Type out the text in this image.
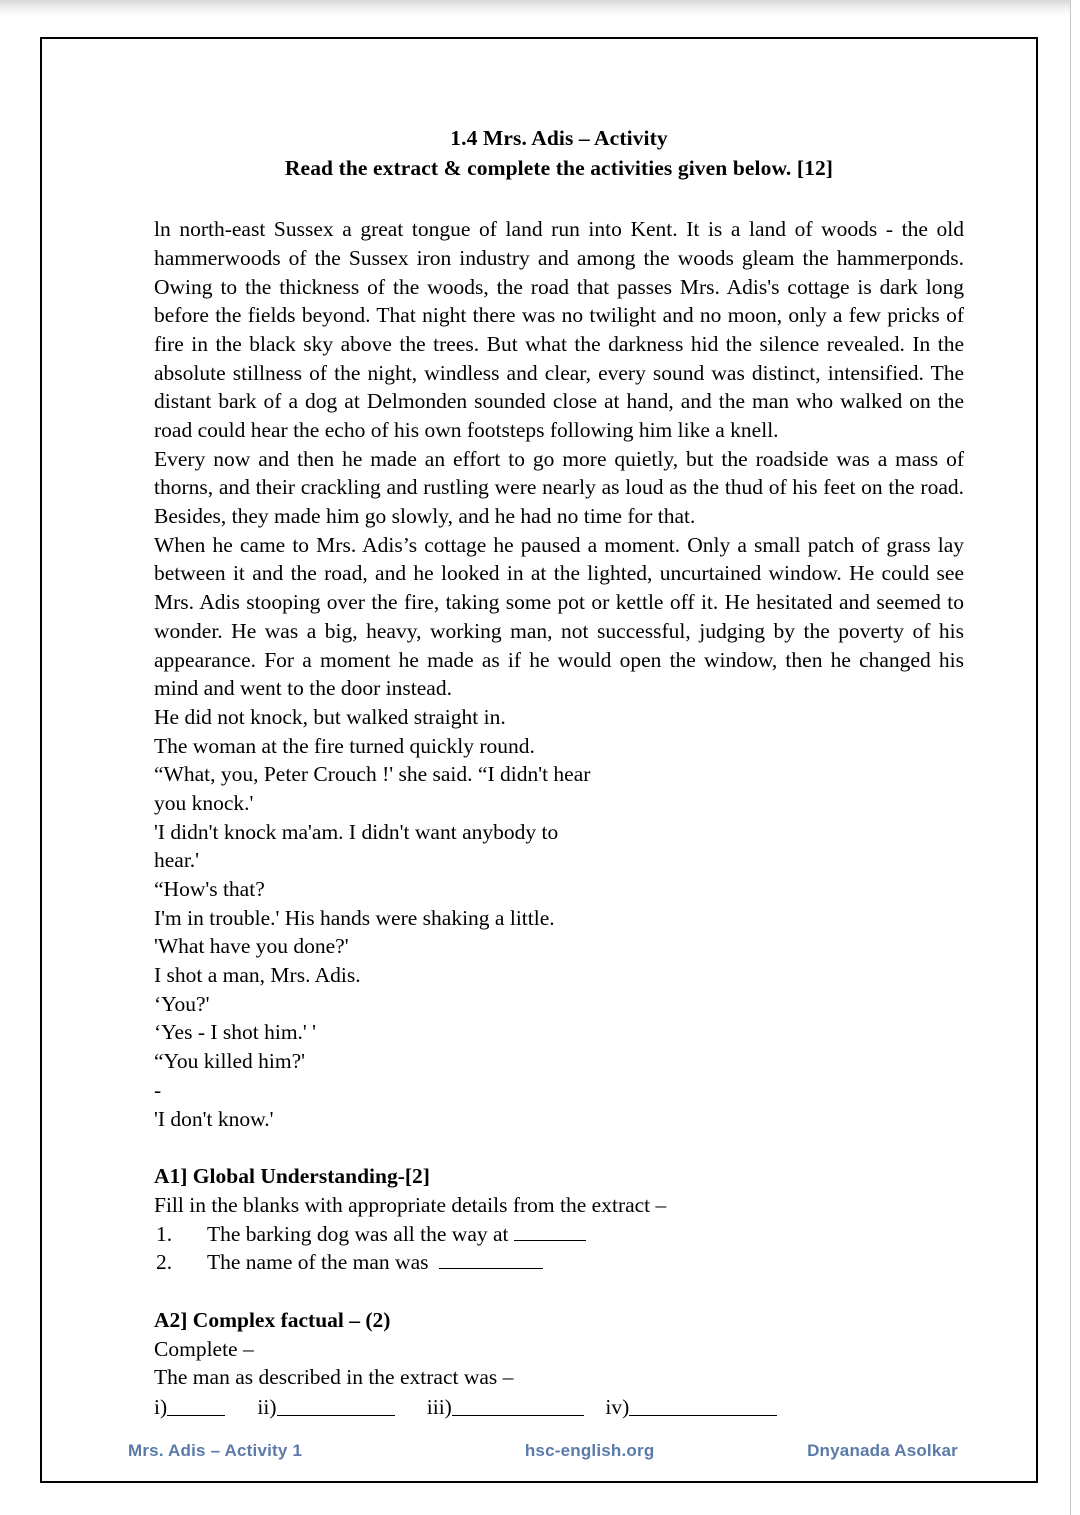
1.4 Mrs. Adis – Activity
Read the extract & complete the activities given below. [12]
ln north-east Sussex a great tongue of land run into Kent. It is a land of woods - the old hammerwoods of the Sussex iron industry and among the woods gleam the hammerponds. Owing to the thickness of the woods, the road that passes Mrs. Adis's cottage is dark long before the fields beyond. That night there was no twilight and no moon, only a few pricks of fire in the black sky above the trees. But what the darkness hid the silence revealed. In the absolute stillness of the night, windless and clear, every sound was distinct, intensified. The distant bark of a dog at Delmonden sounded close at hand, and the man who walked on the road could hear the echo of his own footsteps following him like a knell.
Every now and then he made an effort to go more quietly, but the roadside was a mass of thorns, and their crackling and rustling were nearly as loud as the thud of his feet on the road. Besides, they made him go slowly, and he had no time for that.
When he came to Mrs. Adis’s cottage he paused a moment. Only a small patch of grass lay between it and the road, and he looked in at the lighted, uncurtained window. He could see Mrs. Adis stooping over the fire, taking some pot or kettle off it. He hesitated and seemed to wonder. He was a big, heavy, working man, not successful, judging by the poverty of his appearance. For a moment he made as if he would open the window, then he changed his mind and went to the door instead.
He did not knock, but walked straight in.
The woman at the fire turned quickly round.
“What, you, Peter Crouch !' she said. “I didn't hear
you knock.'
'I didn't knock ma'am. I didn't want anybody to
hear.'
“How's that?
I'm in trouble.' His hands were shaking a little.
'What have you done?'
I shot a man, Mrs. Adis.
‘You?'
‘Yes - I shot him.' '
“You killed him?'
-
'I don't know.'
A1] Global Understanding-[2]
Fill in the blanks with appropriate details from the extract –
1. The barking dog was all the way at
2. The name of the man was
A2] Complex factual – (2)
Complete –
The man as described in the extract was –
i)	ii)	iii)	iv)
Mrs. Adis – Activity 1	hsc-english.org	Dnyanada Asolkar
